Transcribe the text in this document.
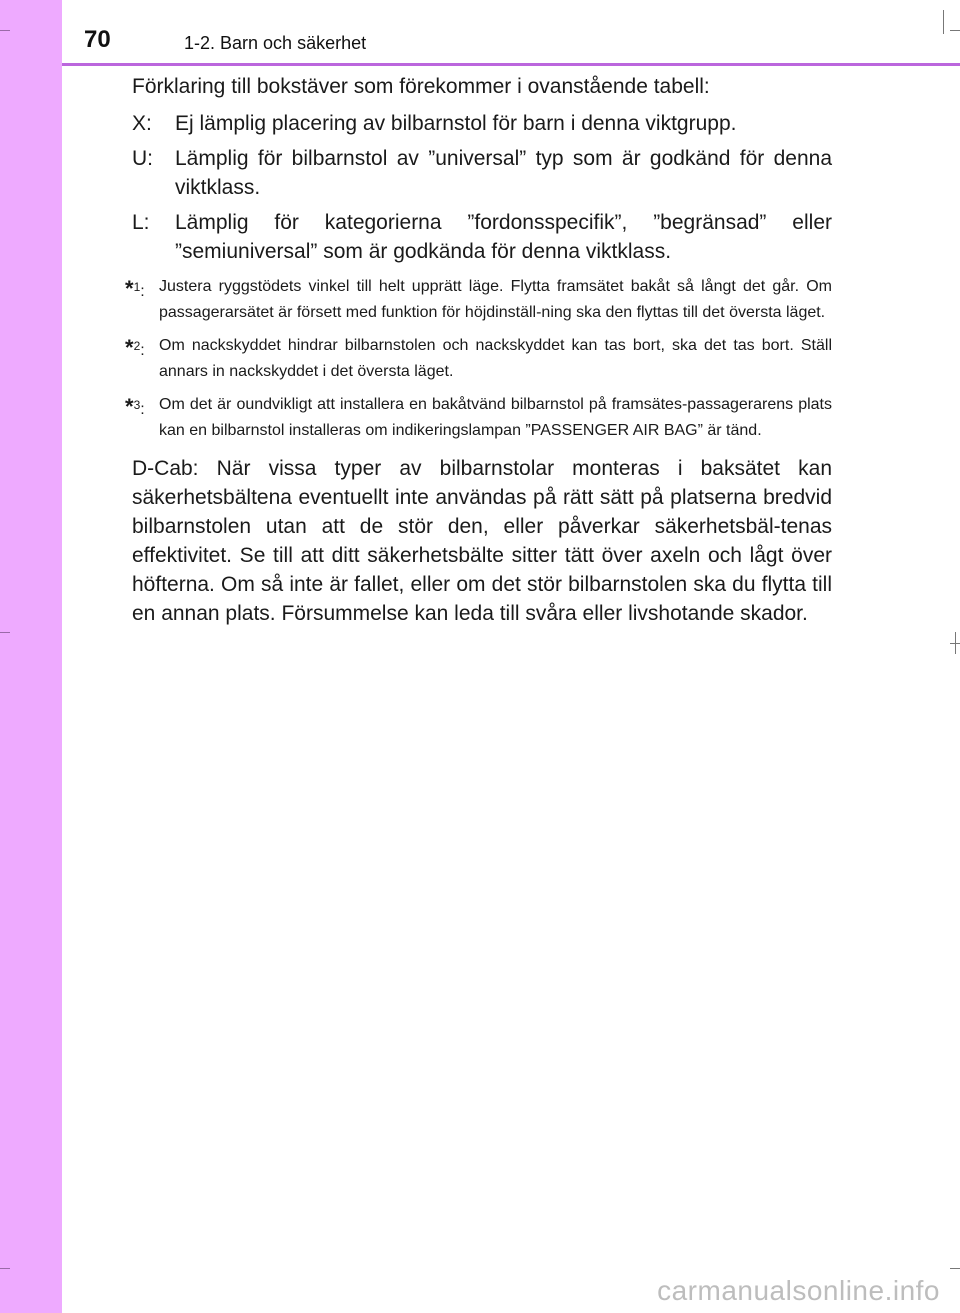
70	1-2. Barn och säkerhet

Förklaring till bokstäver som förekommer i ovanstående tabell:

X: Ej lämplig placering av bilbarnstol för barn i denna viktgrupp.
U: Lämplig för bilbarnstol av ”universal” typ som är godkänd för denna viktklass.
L: Lämplig för kategorierna ”fordonsspecifik”, ”begränsad” eller ”semiuniversal” som är godkända för denna viktklass.
*$^1$: Justera ryggstödets vinkel till helt upprätt läge. Flytta framsätet bakåt så långt det går. Om passagerarsätet är försett med funktion för höjdinställ-ning ska den flyttas till det översta läget.
*$^2$: Om nackskyddet hindrar bilbarnstolen och nackskyddet kan tas bort, ska det tas bort. Ställ annars in nackskyddet i det översta läget.
*$^3$: Om det är oundvikligt att installera en bakåtvänd bilbarnstol på framsätes-passagerarens plats kan en bilbarnstol installeras om indikeringslampan ”PASSENGER AIR BAG” är tänd.

D-Cab: När vissa typer av bilbarnstolar monteras i baksätet kan säkerhetsbältena eventuellt inte användas på rätt sätt på platserna bredvid bilbarnstolen utan att de stör den, eller påverkar säkerhetsbäl-tenas effektivitet. Se till att ditt säkerhetsbälte sitter tätt över axeln och lågt över höfterna. Om så inte är fallet, eller om det stör bilbarnstolen ska du flytta till en annan plats. Försummelse kan leda till svåra eller livshotande skador.

carmanualsonline.info
